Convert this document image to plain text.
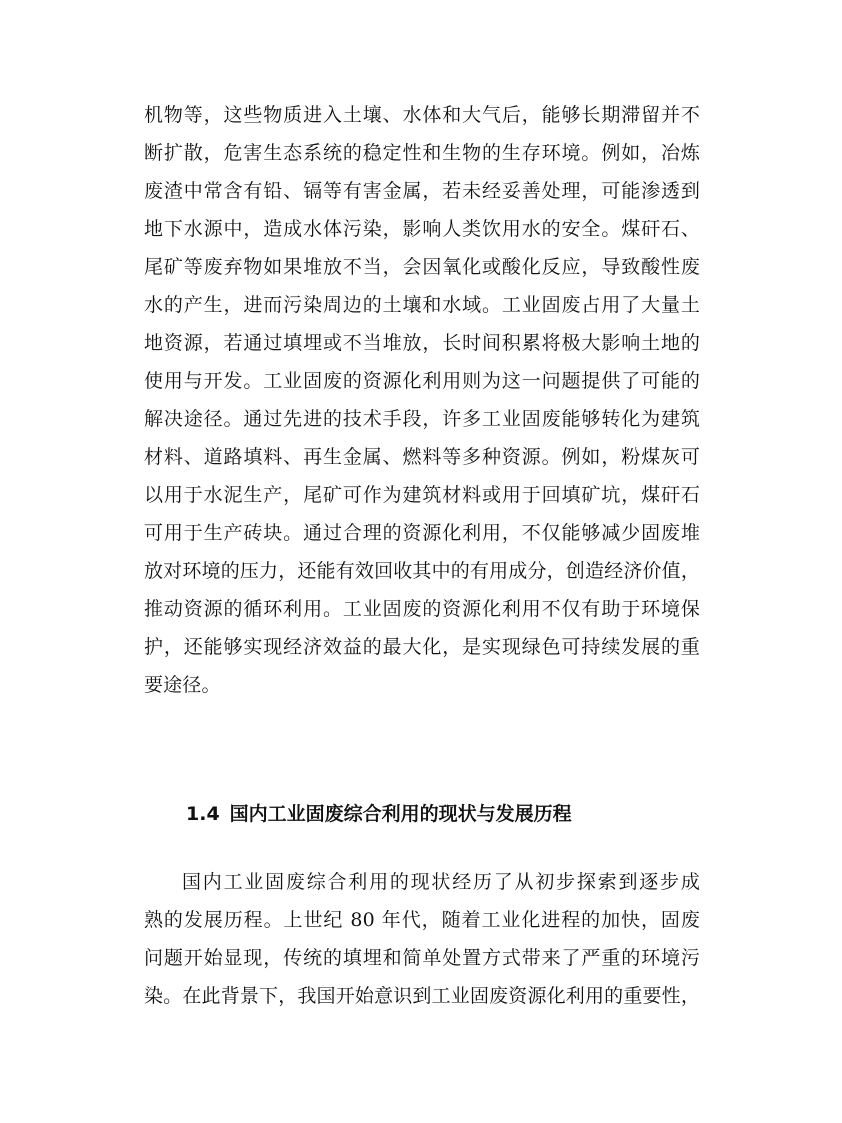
机物等，这些物质进入土壤、水体和大气后，能够长期滞留并不
断扩散，危害生态系统的稳定性和生物的生存环境。例如，冶炼
废渣中常含有铅、镉等有害金属，若未经妥善处理，可能渗透到
地下水源中，造成水体污染，影响人类饮用水的安全。煤矸石、
尾矿等废弃物如果堆放不当，会因氧化或酸化反应，导致酸性废
水的产生，进而污染周边的土壤和水域。工业固废占用了大量土
地资源，若通过填埋或不当堆放，长时间积累将极大影响土地的
使用与开发。工业固废的资源化利用则为这一问题提供了可能的
解决途径。通过先进的技术手段，许多工业固废能够转化为建筑
材料、道路填料、再生金属、燃料等多种资源。例如，粉煤灰可
以用于水泥生产，尾矿可作为建筑材料或用于回填矿坑，煤矸石
可用于生产砖块。通过合理的资源化利用，不仅能够减少固废堆
放对环境的压力，还能有效回收其中的有用成分，创造经济价值，
推动资源的循环利用。工业固废的资源化利用不仅有助于环境保
护，还能够实现经济效益的最大化，是实现绿色可持续发展的重
要途径。
1.4 国内工业固废综合利用的现状与发展历程
国内工业固废综合利用的现状经历了从初步探索到逐步成
熟的发展历程。上世纪 80 年代，随着工业化进程的加快，固废
问题开始显现，传统的填埋和简单处置方式带来了严重的环境污
染。在此背景下，我国开始意识到工业固废资源化利用的重要性，
